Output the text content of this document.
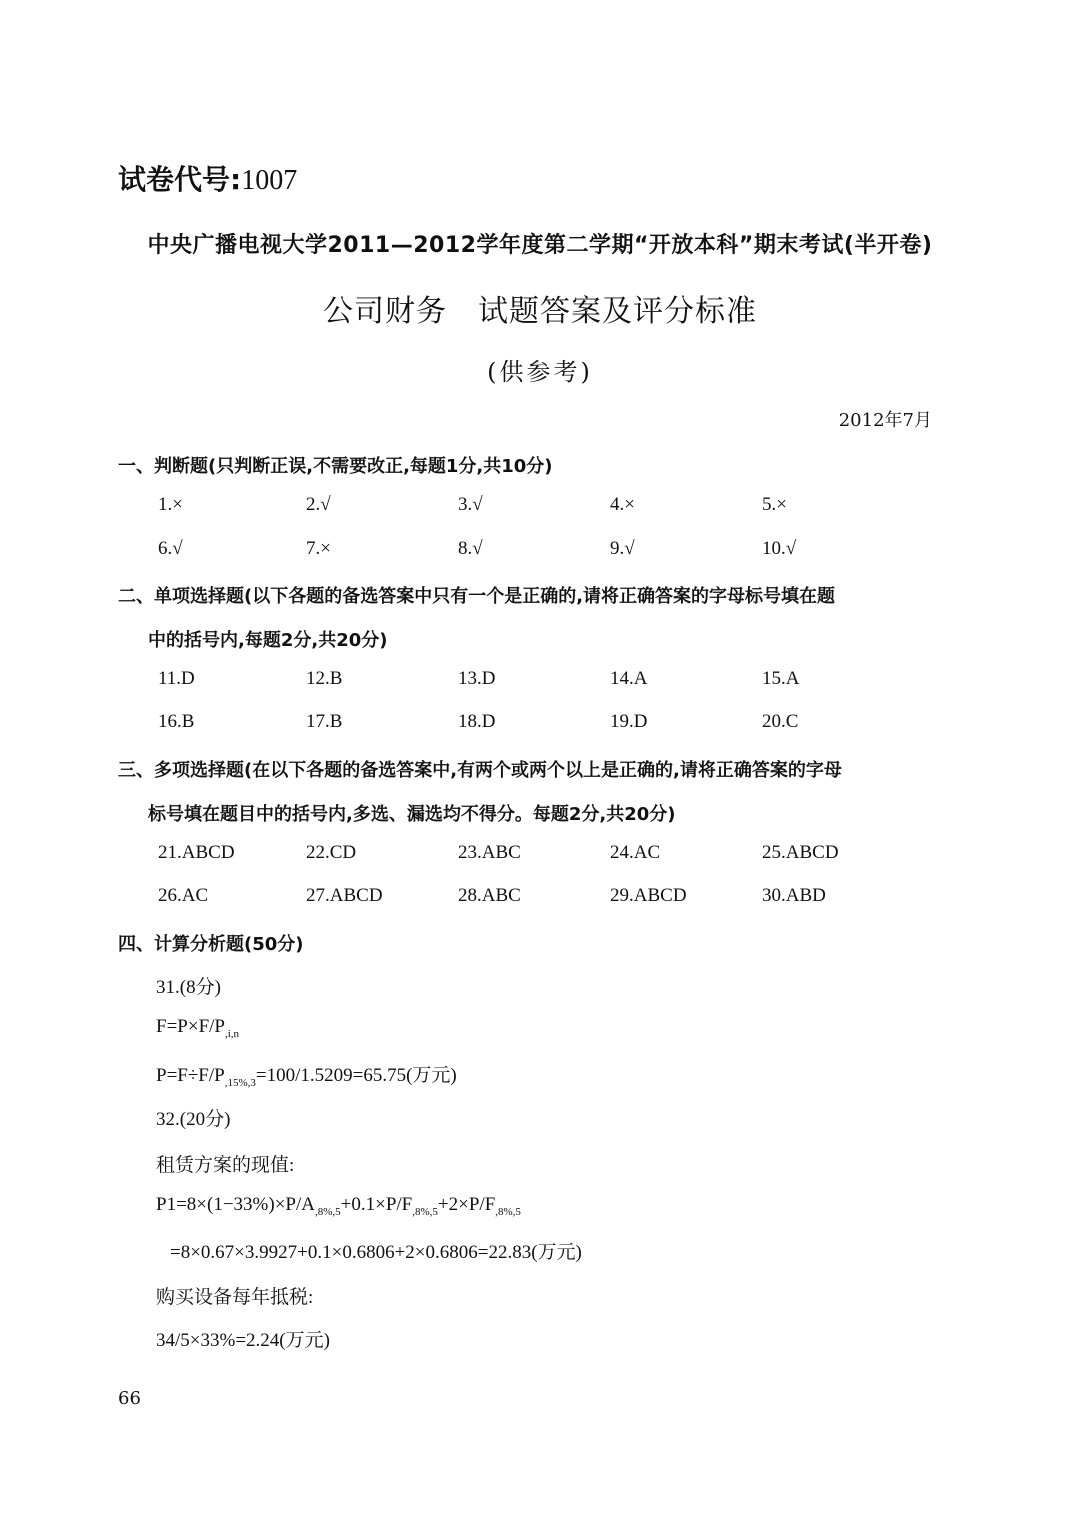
试卷代号:1007
中央广播电视大学2011—2012学年度第二学期“开放本科”期末考试(半开卷)
公司财务　试题答案及评分标准
(供参考)
2012年7月
一、判断题(只判断正误,不需要改正,每题1分,共10分)
1.×	2.√	3.√	4.×	5.×
6.√	7.×	8.√	9.√	10.√
二、单项选择题(以下各题的备选答案中只有一个是正确的,请将正确答案的字母标号填在题
中的括号内,每题2分,共20分)
11.D	12.B	13.D	14.A	15.A
16.B	17.B	18.D	19.D	20.C
三、多项选择题(在以下各题的备选答案中,有两个或两个以上是正确的,请将正确答案的字母
标号填在题目中的括号内,多选、漏选均不得分。每题2分,共20分)
21.ABCD	22.CD	23.ABC	24.AC	25.ABCD
26.AC	27.ABCD	28.ABC	29.ABCD	30.ABD
四、计算分析题(50分)
31.(8分)
$F=P\times F/P_{,i,n}$
$P=F\div F/P_{,15\%,3}=100/1.5209=65.75$(万元)
32.(20分)
租赁方案的现值:
$P1=8\times(1-33\%)\times P/A_{,8\%,5}+0.1\times P/F_{,8\%,5}+2\times P/F_{,8\%,5}$
=8×0.67×3.9927+0.1×0.6806+2×0.6806=22.83(万元)
购买设备每年抵税:
34/5×33%=2.24(万元)
66
